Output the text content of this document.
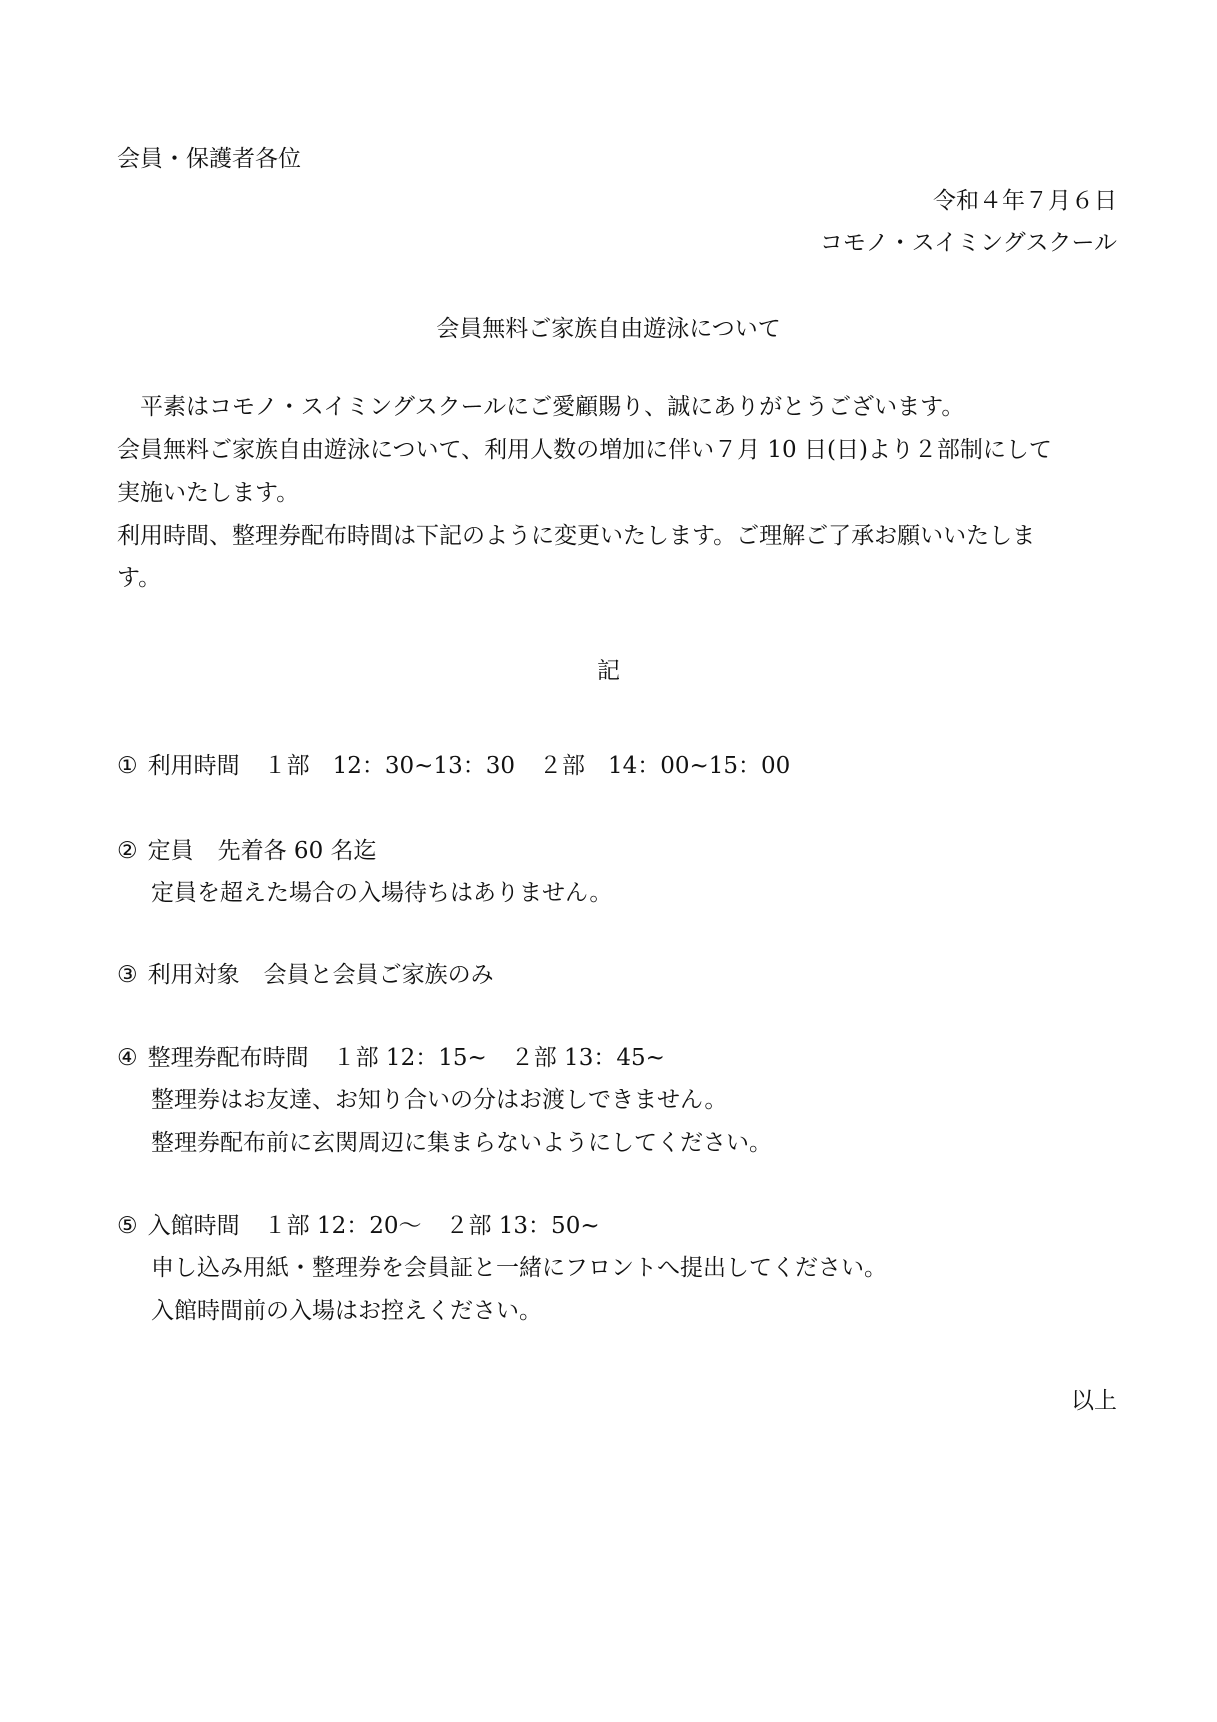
会員・保護者各位
令和４年７月６日
コモノ・スイミングスクール
会員無料ご家族自由遊泳について
平素はコモノ・スイミングスクールにご愛顧賜り、誠にありがとうございます。
会員無料ご家族自由遊泳について、利用人数の増加に伴い７月 10 日(日)より２部制にして
実施いたします。
利用時間、整理券配布時間は下記のように変更いたします。ご理解ご了承お願いいたしま
す。
記
① 利用時間 １部　12：30~13：30 ２部　14：00~15：00
② 定員 先着各 60 名迄
定員を超えた場合の入場待ちはありません。
③ 利用対象 会員と会員ご家族のみ
④ 整理券配布時間 １部 12：15~ ２部 13：45~
整理券はお友達、お知り合いの分はお渡しできません。
整理券配布前に玄関周辺に集まらないようにしてください。
⑤ 入館時間 １部 12：20～ ２部 13：50~
申し込み用紙・整理券を会員証と一緒にフロントへ提出してください。
入館時間前の入場はお控えください。
以上
